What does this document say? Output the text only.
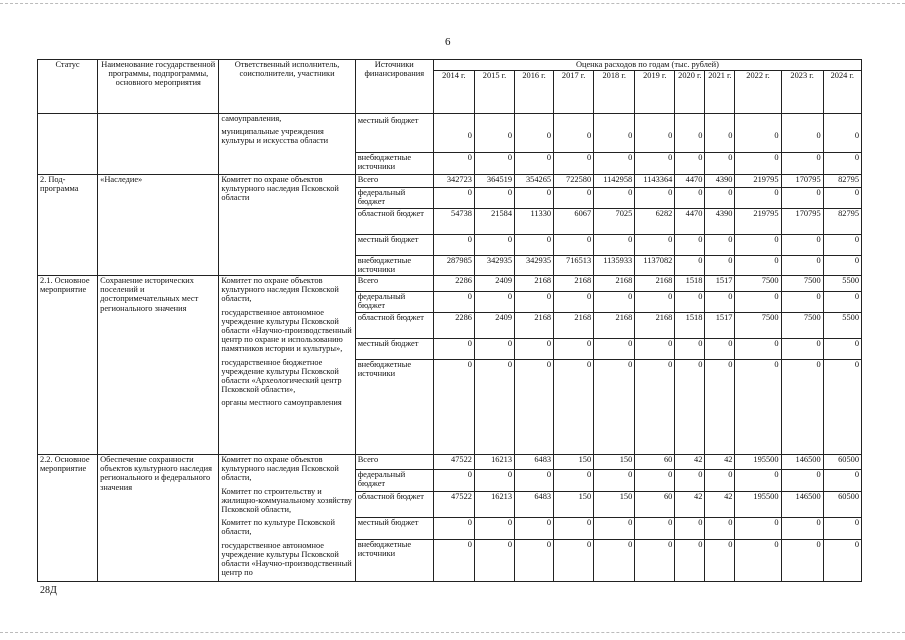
6
Статус	Наименование государственной программы, подпрограммы, основного мероприятия	Ответственный исполнитель, соисполнители, участники	Источники финансирования	Оценка расходов по годам (тыс. рублей)										
				2014 г.	2015 г.	2016 г.	2017 г.	2018 г.	2019 г.	2020 г.	2021 г.	2022 г.	2023 г.	2024 г.

		самоуправления,
муниципальные учреждения культуры и искусства области	местный бюджет	0	0	0	0	0	0	0	0	0	0	0
			внебюджетные источники	0	0	0	0	0	0	0	0	0	0	0
2. Под-программа	«Наследие»	Комитет по охране объектов культурного наследия Псковской области	Всего	342723	364519	354265	722580	1142958	1143364	4470	4390	219795	170795	82795
			федеральный бюджет	0	0	0	0	0	0	0	0	0	0	0
			областной бюджет	54738	21584	11330	6067	7025	6282	4470	4390	219795	170795	82795
			местный бюджет	0	0	0	0	0	0	0	0	0	0	0
			внебюджетные источники	287985	342935	342935	716513	1135933	1137082	0	0	0	0	0
2.1. Основное мероприятие	Сохранение исторических поселений и достопримечательных мест регионального значения	Комитет по охране объектов культурного наследия Псковской области,
государственное автономное учреждение культуры Псковской области «Научно-производственный центр по охране и использованию памятников истории и культуры»,
государственное бюджетное учреждение культуры Псковской области «Археологический центр Псковской области»,
органы местного самоуправления	Всего	2286	2409	2168	2168	2168	2168	1518	1517	7500	7500	5500
			федеральный бюджет	0	0	0	0	0	0	0	0	0	0	0
			областной бюджет	2286	2409	2168	2168	2168	2168	1518	1517	7500	7500	5500
			местный бюджет	0	0	0	0	0	0	0	0	0	0	0
			внебюджетные источники	0	0	0	0	0	0	0	0	0	0	0
2.2. Основное мероприятие	Обеспечение сохранности объектов культурного наследия регионального и федерального значения	Комитет по охране объектов культурного наследия Псковской области,
Комитет по строительству и жилищно-коммунальному хозяйству Псковской области,
Комитет по культуре Псковской области,
государственное автономное учреждение культуры Псковской области «Научно-производственный центр по	Всего	47522	16213	6483	150	150	60	42	42	195500	146500	60500
			федеральный бюджет	0	0	0	0	0	0	0	0	0	0	0
			областной бюджет	47522	16213	6483	150	150	60	42	42	195500	146500	60500
			местный бюджет	0	0	0	0	0	0	0	0	0	0	0
			внебюджетные источники	0	0	0	0	0	0	0	0	0	0	0
28Д
